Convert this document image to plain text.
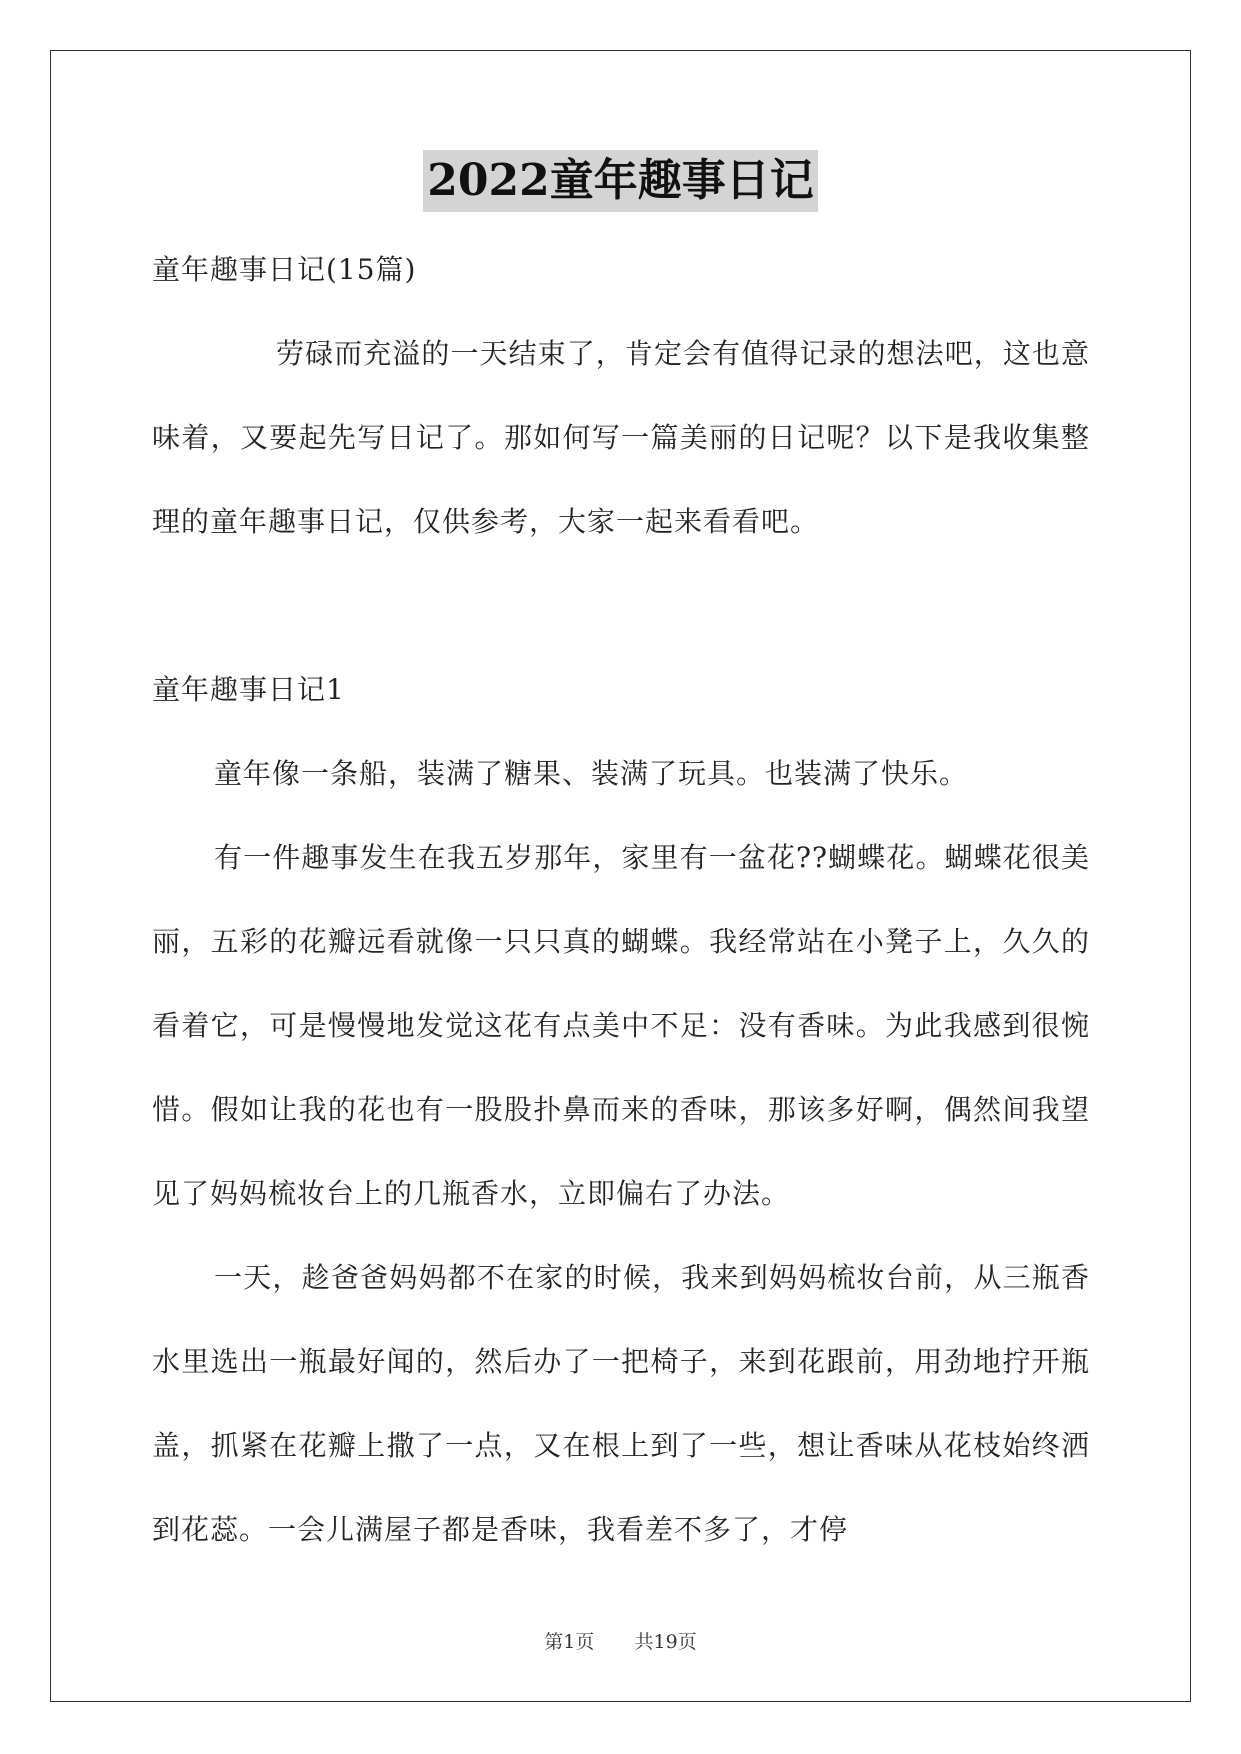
2022童年趣事日记

童年趣事日记(15篇)

劳碌而充溢的一天结束了，肯定会有值得记录的想法吧，这也意味着，又要起先写日记了。那如何写一篇美丽的日记呢？以下是我收集整理的童年趣事日记，仅供参考，大家一起来看看吧。

童年趣事日记1

童年像一条船，装满了糖果、装满了玩具。也装满了快乐。

有一件趣事发生在我五岁那年，家里有一盆花??蝴蝶花。蝴蝶花很美丽，五彩的花瓣远看就像一只只真的蝴蝶。我经常站在小凳子上，久久的看着它，可是慢慢地发觉这花有点美中不足：没有香味。为此我感到很惋惜。假如让我的花也有一股股扑鼻而来的香味，那该多好啊，偶然间我望见了妈妈梳妆台上的几瓶香水，立即偏右了办法。

一天，趁爸爸妈妈都不在家的时候，我来到妈妈梳妆台前，从三瓶香水里选出一瓶最好闻的，然后办了一把椅子，来到花跟前，用劲地拧开瓶盖，抓紧在花瓣上撒了一点，又在根上到了一些，想让香味从花枝始终洒到花蕊。一会儿满屋子都是香味，我看差不多了，才停

第1页 共19页
